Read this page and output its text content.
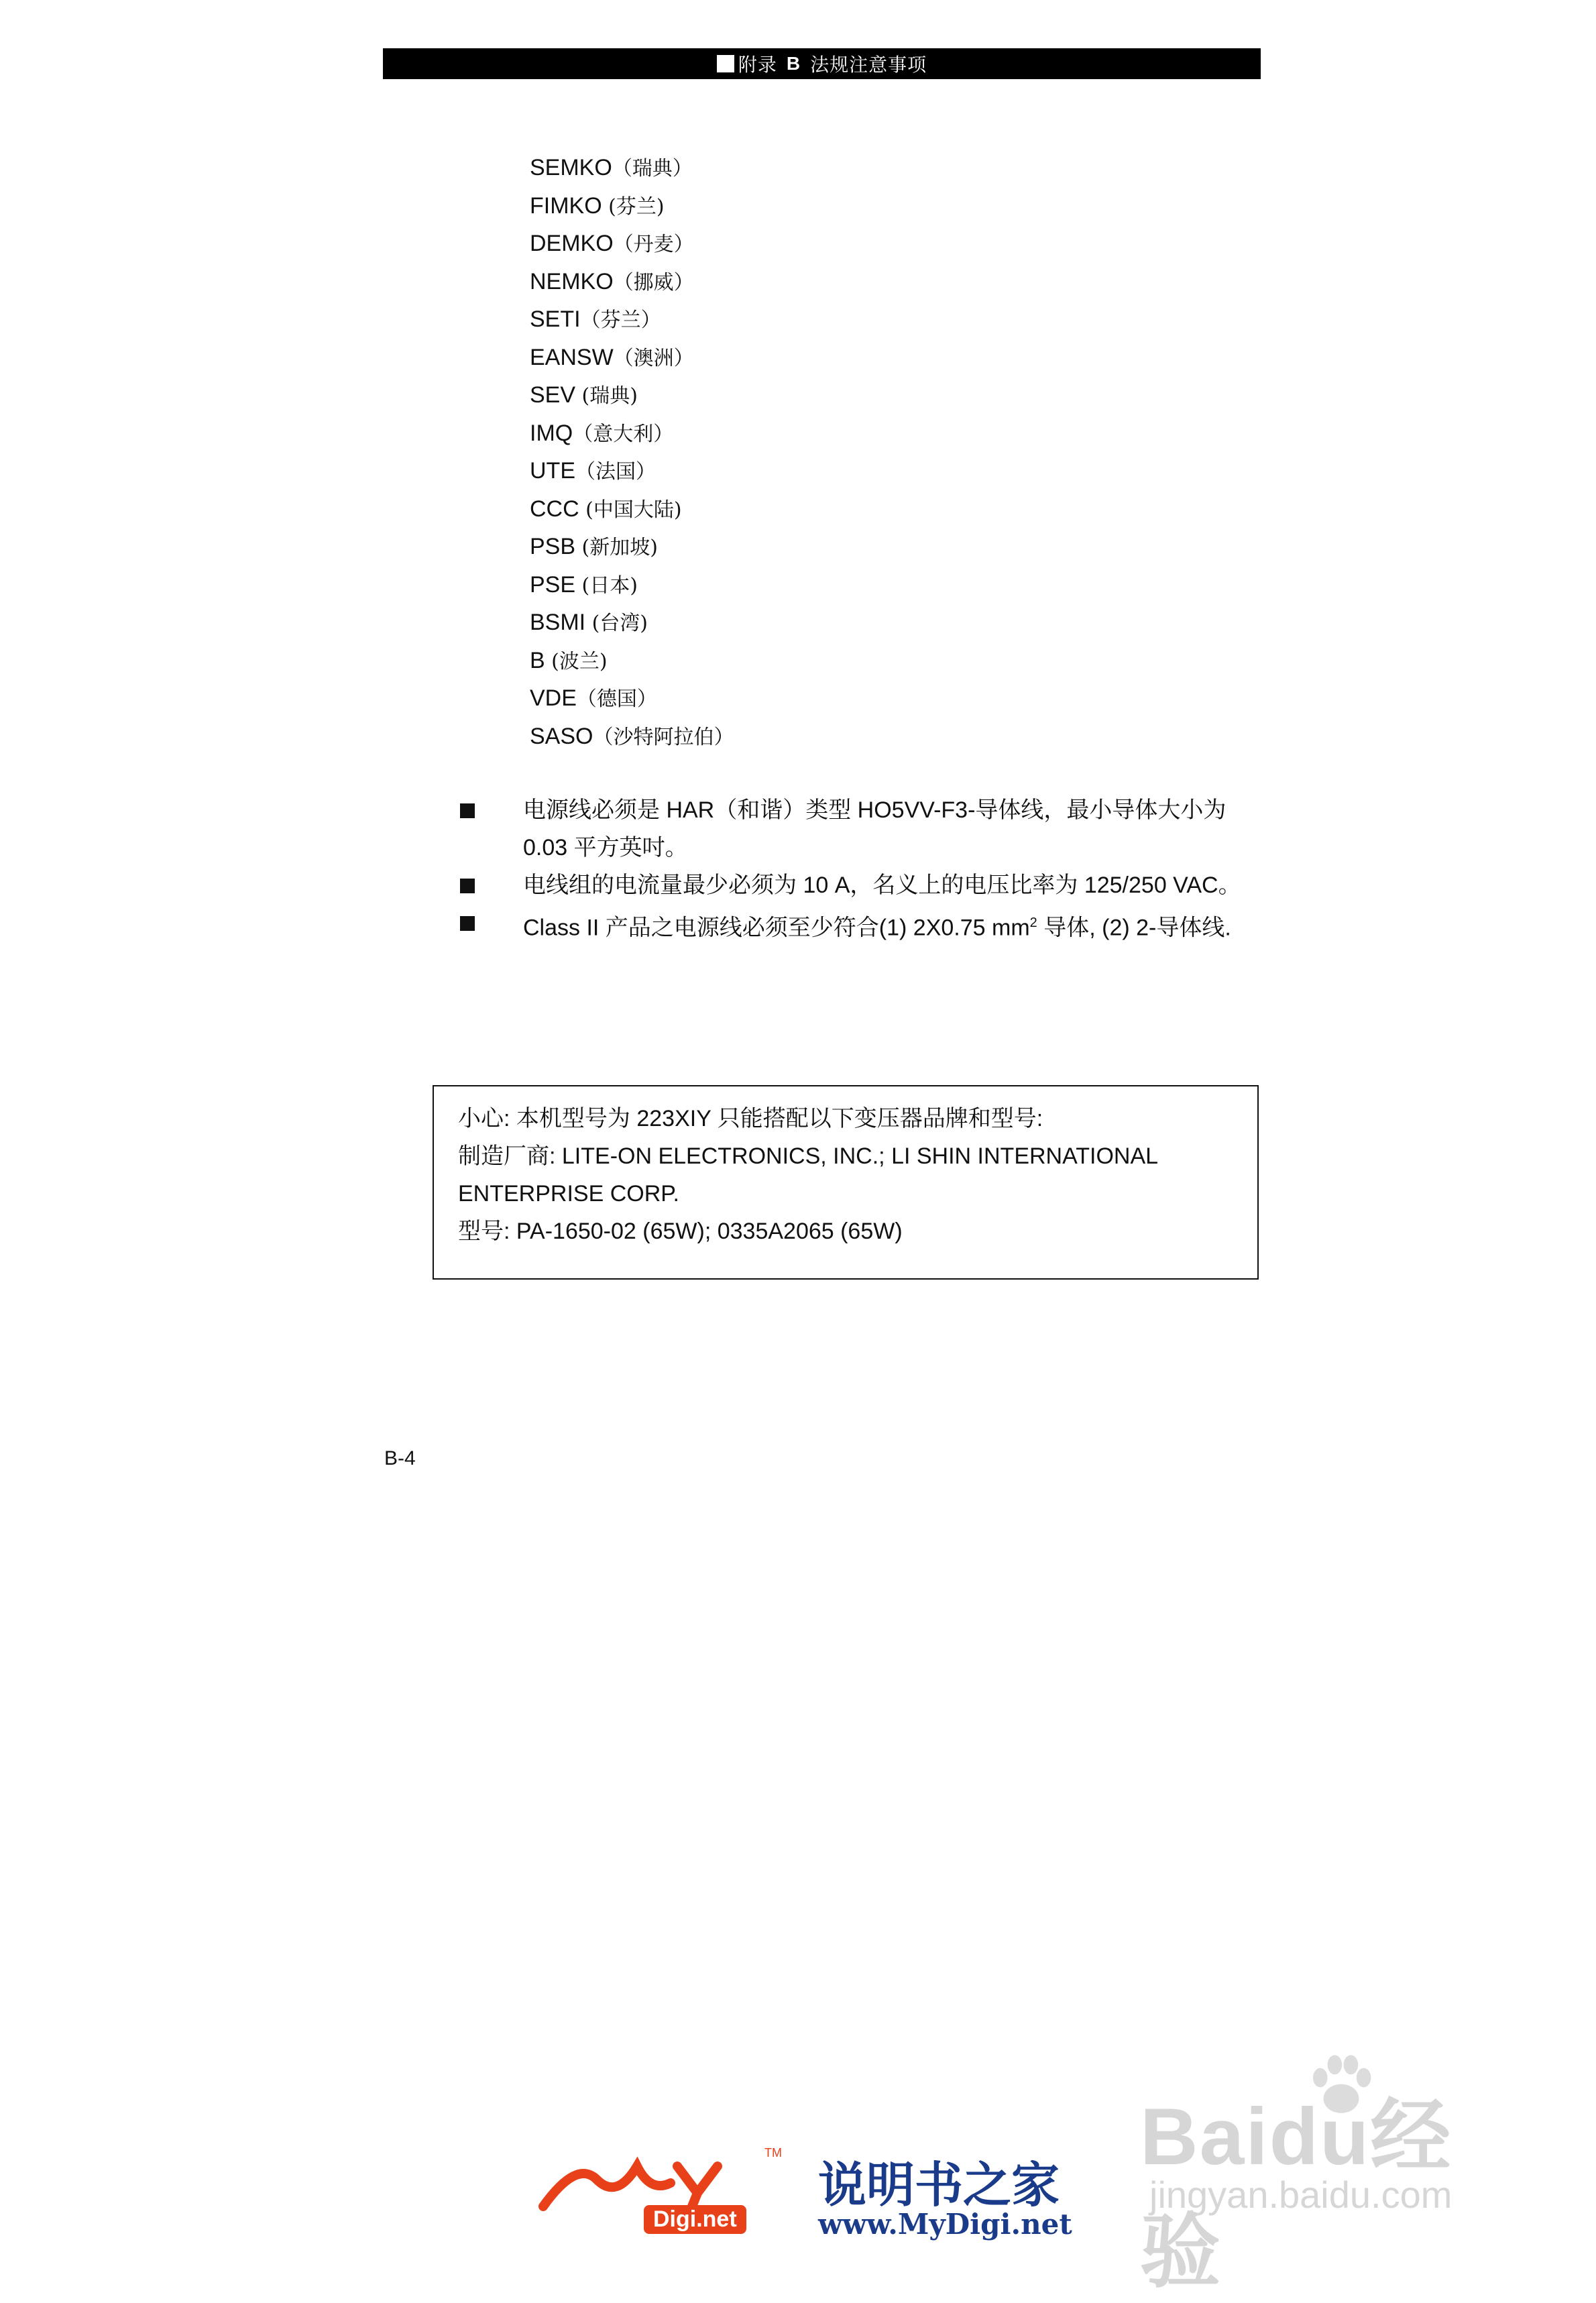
附录 B 法规注意事项
SEMKO（瑞典）
FIMKO (芬兰)
DEMKO（丹麦）
NEMKO（挪威）
SETI（芬兰）
EANSW（澳洲）
SEV (瑞典)
IMQ（意大利）
UTE（法国）
CCC (中国大陆)
PSB (新加坡)
PSE (日本)
BSMI (台湾)
B (波兰)
VDE（德国）
SASO（沙特阿拉伯）
电源线必须是 HAR（和谐）类型 HO5VV-F3-导体线，最小导体大小为 0.03 平方英吋。
电线组的电流量最少必须为 10 A，名义上的电压比率为 125/250 VAC。
Class II 产品之电源线必须至少符合(1) 2X0.75 $mm^2$ 导体, (2) 2-导体线.

小心: 本机型号为 223XIY 只能搭配以下变压器品牌和型号:

制造厂商: LITE-ON ELECTRONICS, INC.; LI SHIN INTERNATIONAL ENTERPRISE CORP.

型号: PA-1650-02 (65W); 0335A2065 (65W)

B-4
Baidu经验
jingyan.baidu.com
TM
Digi.net
说明书之家
www.MyDigi.net
